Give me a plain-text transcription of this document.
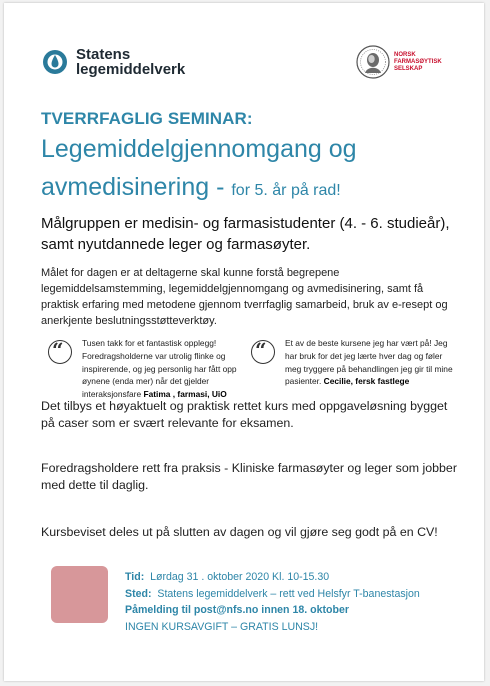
Statens
legemiddelverk
NORSK
FARMASØYTISK
SELSKAP
TVERRFAGLIG SEMINAR:
Legemiddelgjennomgang og
avmedisinering - for 5. år på rad!
Målgruppen er medisin- og farmasistudenter (4. - 6. studieår), samt nyutdannede leger og farmasøyter.
Målet for dagen er at deltagerne skal kunne forstå begrepene legemiddelsamstemming, legemiddelgjennomgang og avmedisinering, samt få praktisk erfaring med metodene gjennom tverrfaglig samarbeid, bruk av e-resept og anerkjente beslutningsstøtteverktøy.
“ Tusen takk for et fantastisk opplegg! Foredragsholderne var utrolig flinke og inspirerende, og jeg personlig har fått opp øynene (enda mer) når det gjelder interaksjonsfare Fatima , farmasi, UiO
“ Et av de beste kursene jeg har vært på! Jeg har bruk for det jeg lærte hver dag og føler meg tryggere på behandlingen jeg gir til mine pasienter. Cecilie, fersk fastlege
Det tilbys et høyaktuelt og praktisk rettet kurs med oppgaveløsning bygget på caser som er svært relevante for eksamen.
Foredragsholdere rett fra praksis - Kliniske farmasøyter og leger som jobber med dette til daglig.
Kursbeviset deles ut på slutten av dagen og vil gjøre seg godt på en CV!
Tid: Lørdag 31 . oktober 2020 Kl. 10-15.30
Sted: Statens legemiddelverk – rett ved Helsfyr T-banestasjon
Påmelding til post@nfs.no innen 18. oktober
INGEN KURSAVGIFT – GRATIS LUNSJ!
